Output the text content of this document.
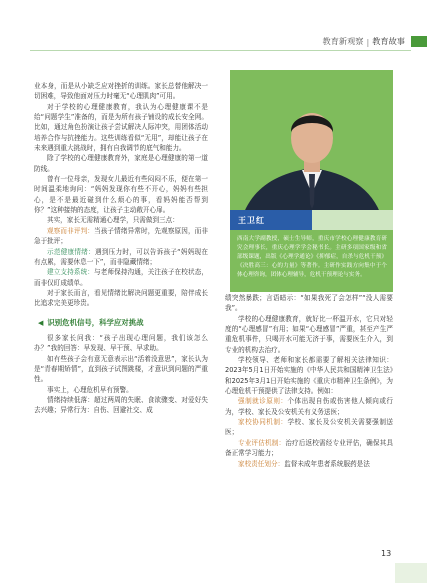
教育新观察 | 教育故事

业本身，而是从小缺乏应对挫折的训练。家长总替他解决一切困难，导致他面对压力时毫无“心理肌肉”可用。

对于学校的心理健康教育，我认为心理健康课不是给“问题学生”准备的，而是为所有孩子铺设的成长安全网。比如，通过角色扮演让孩子尝试解决人际冲突，用团体活动培养合作与抗挫能力。这些训练看似“无用”，却能让孩子在未来遇到重大挑战时，拥有自我调节的底气和能力。

除了学校的心理健康教育外，家庭是心理健康的第一道防线。

曾有一位母亲，发现女儿最近有些闷闷不乐，便在第一时间温柔地询问：“妈妈发现你有些不开心，妈妈有些担心，是不是最近碰到什么烦心的事，看妈妈能否帮到你？”这种接纳的态度，让孩子主动敞开心扉。

其实，家长无需精通心理学，只需做到三点：

观察而非评判：当孩子情绪异常时，先观察原因，而非急于批评；

示范健康情绪：遇到压力时，可以告诉孩子“妈妈现在有点累，需要休息一下”，而非隐藏情绪；

建立支持系统：与老师保持沟通，关注孩子在校状态，而非仅盯成绩单。

对于家长而言，看见情绪比解决问题更重要，陪伴成长比追求完美更珍贵。

◀ 识别危机信号，科学应对挑战

很多家长问我：“孩子出现心理问题，我们该怎么办？”我的回答：早发现、早干预、早求助。

如有些孩子会有意无意表示出“活着没意思”，家长认为是“青春期矫情”，直到孩子试图跳楼，才意识到问题的严重性。

事实上，心理危机早有预警。

情绪持续低落：超过两周的失眠、食欲骤变、对爱好失去兴趣；异常行为：自伤、回避社交、成

王卫红
西南大学副教授，硕士生导师，重庆市学校心理健康教育研究会理事长，重庆心理学学会秘书长。主研多项国家级和省部级课题，出版《心理学通论》《抑郁症，自杀与危机干预》《决胜高三：心的力量》等著作。主研作实践方向集中于个体心理咨询，团体心理辅导，危机干预理论与实务。

绩突然暴跌；言语暗示：“如果我死了会怎样”“没人需要我”。

学校的心理健康教育，就好比一杯温开水，它只对轻度的“心理感冒”有用；如果“心理感冒”严重，甚至产生严重危机事件，只喝开水可能无济于事，需要医生介入，到专业的机构去治疗。

学校领导、老师和家长都需要了解相关法律知识：2023年5月1日开始实施的《中华人民共和国精神卫生法》和2025年3月1日开始实施的《重庆市精神卫生条例》，为心理危机干预提供了法律支持。例如：

强制就诊原则：个体出现自伤或伤害他人倾向或行为，学校、家长及公安机关有义务送医；

家校协同机制：学校、家长及公安机关需要强制送医；

专业评估机制：治疗后返校需经专业评估，确保其具备正常学习能力；

家校责任划分：监督未成年患者系统服药是法

13
